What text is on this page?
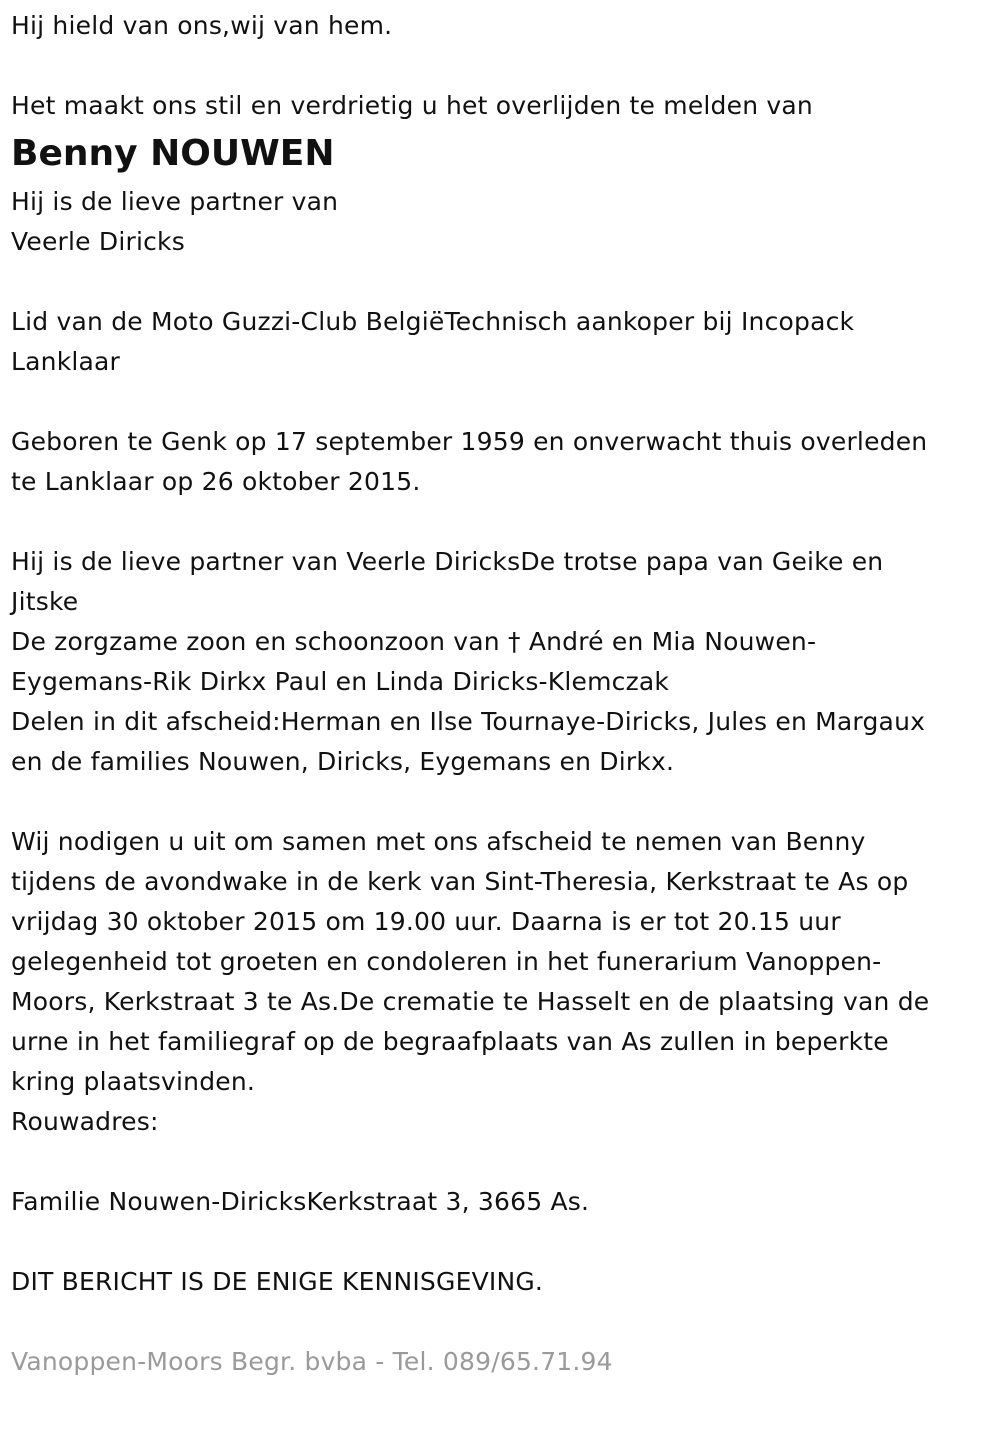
Hij hield van ons,wij van hem.
Het maakt ons stil en verdrietig u het overlijden te melden van
Benny NOUWEN
Hij is de lieve partner van
Veerle Diricks
Lid van de Moto Guzzi-Club BelgiëTechnisch aankoper bij Incopack
Lanklaar
Geboren te Genk op 17 september 1959 en onverwacht thuis overleden
te Lanklaar op 26 oktober 2015.
Hij is de lieve partner van Veerle DiricksDe trotse papa van Geike en
Jitske
De zorgzame zoon en schoonzoon van † André en Mia Nouwen-
Eygemans-Rik Dirkx Paul en Linda Diricks-Klemczak
Delen in dit afscheid:Herman en Ilse Tournaye-Diricks, Jules en Margaux
en de families Nouwen, Diricks, Eygemans en Dirkx.
Wij nodigen u uit om samen met ons afscheid te nemen van Benny
tijdens de avondwake in de kerk van Sint-Theresia, Kerkstraat te As op
vrijdag 30 oktober 2015 om 19.00 uur. Daarna is er tot 20.15 uur
gelegenheid tot groeten en condoleren in het funerarium Vanoppen-
Moors, Kerkstraat 3 te As.De crematie te Hasselt en de plaatsing van de
urne in het familiegraf op de begraafplaats van As zullen in beperkte
kring plaatsvinden.
Rouwadres:
Familie Nouwen-DiricksKerkstraat 3, 3665 As.
DIT BERICHT IS DE ENIGE KENNISGEVING.
Vanoppen-Moors Begr. bvba - Tel. 089/65.71.94
